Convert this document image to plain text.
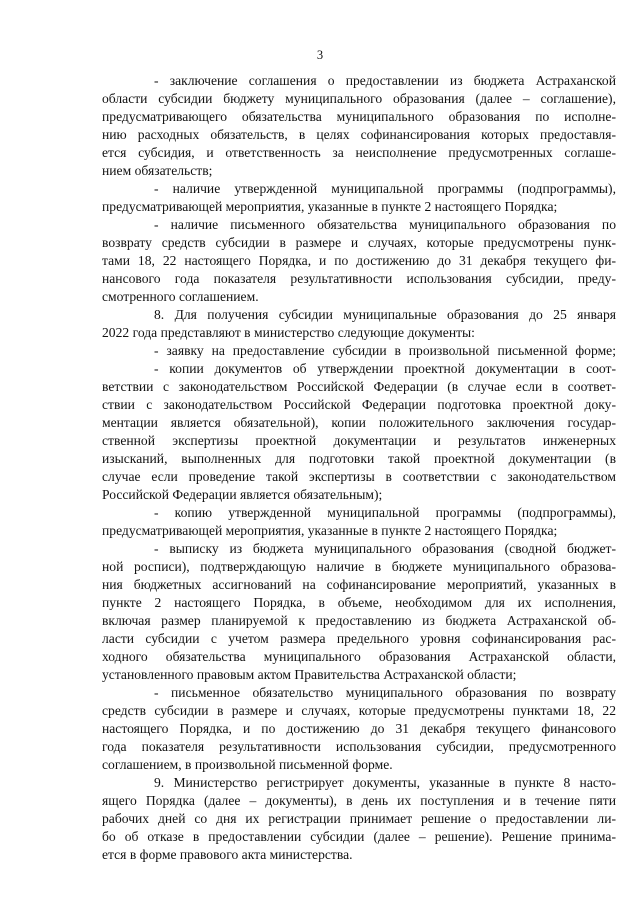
3
- заключение соглашения о предоставлении из бюджета Астраханской
области субсидии бюджету муниципального образования (далее – соглашение),
предусматривающего обязательства муниципального образования по исполне-
нию расходных обязательств, в целях софинансирования которых предоставля-
ется субсидия, и ответственность за неисполнение предусмотренных соглаше-
нием обязательств;
- наличие утвержденной муниципальной программы (подпрограммы),
предусматривающей мероприятия, указанные в пункте 2 настоящего Порядка;
- наличие письменного обязательства муниципального образования по
возврату средств субсидии в размере и случаях, которые предусмотрены пунк-
тами 18, 22 настоящего Порядка, и по достижению до 31 декабря текущего фи-
нансового года показателя результативности использования субсидии, преду-
смотренного соглашением.
8. Для получения субсидии муниципальные образования до 25 января
2022 года представляют в министерство следующие документы:
- заявку на предоставление субсидии в произвольной письменной форме;
- копии документов об утверждении проектной документации в соот-
ветствии с законодательством Российской Федерации (в случае если в соответ-
ствии с законодательством Российской Федерации подготовка проектной доку-
ментации является обязательной), копии положительного заключения государ-
ственной экспертизы проектной документации и результатов инженерных
изысканий, выполненных для подготовки такой проектной документации (в
случае если проведение такой экспертизы в соответствии с законодательством
Российской Федерации является обязательным);
- копию утвержденной муниципальной программы (подпрограммы),
предусматривающей мероприятия, указанные в пункте 2 настоящего Порядка;
- выписку из бюджета муниципального образования (сводной бюджет-
ной росписи), подтверждающую наличие в бюджете муниципального образова-
ния бюджетных ассигнований на софинансирование мероприятий, указанных в
пункте 2 настоящего Порядка, в объеме, необходимом для их исполнения,
включая размер планируемой к предоставлению из бюджета Астраханской об-
ласти субсидии с учетом размера предельного уровня софинансирования рас-
ходного обязательства муниципального образования Астраханской области,
установленного правовым актом Правительства Астраханской области;
- письменное обязательство муниципального образования по возврату
средств субсидии в размере и случаях, которые предусмотрены пунктами 18, 22
настоящего Порядка, и по достижению до 31 декабря текущего финансового
года показателя результативности использования субсидии, предусмотренного
соглашением, в произвольной письменной форме.
9. Министерство регистрирует документы, указанные в пункте 8 насто-
ящего Порядка (далее – документы), в день их поступления и в течение пяти
рабочих дней со дня их регистрации принимает решение о предоставлении ли-
бо об отказе в предоставлении субсидии (далее – решение). Решение принима-
ется в форме правового акта министерства.
